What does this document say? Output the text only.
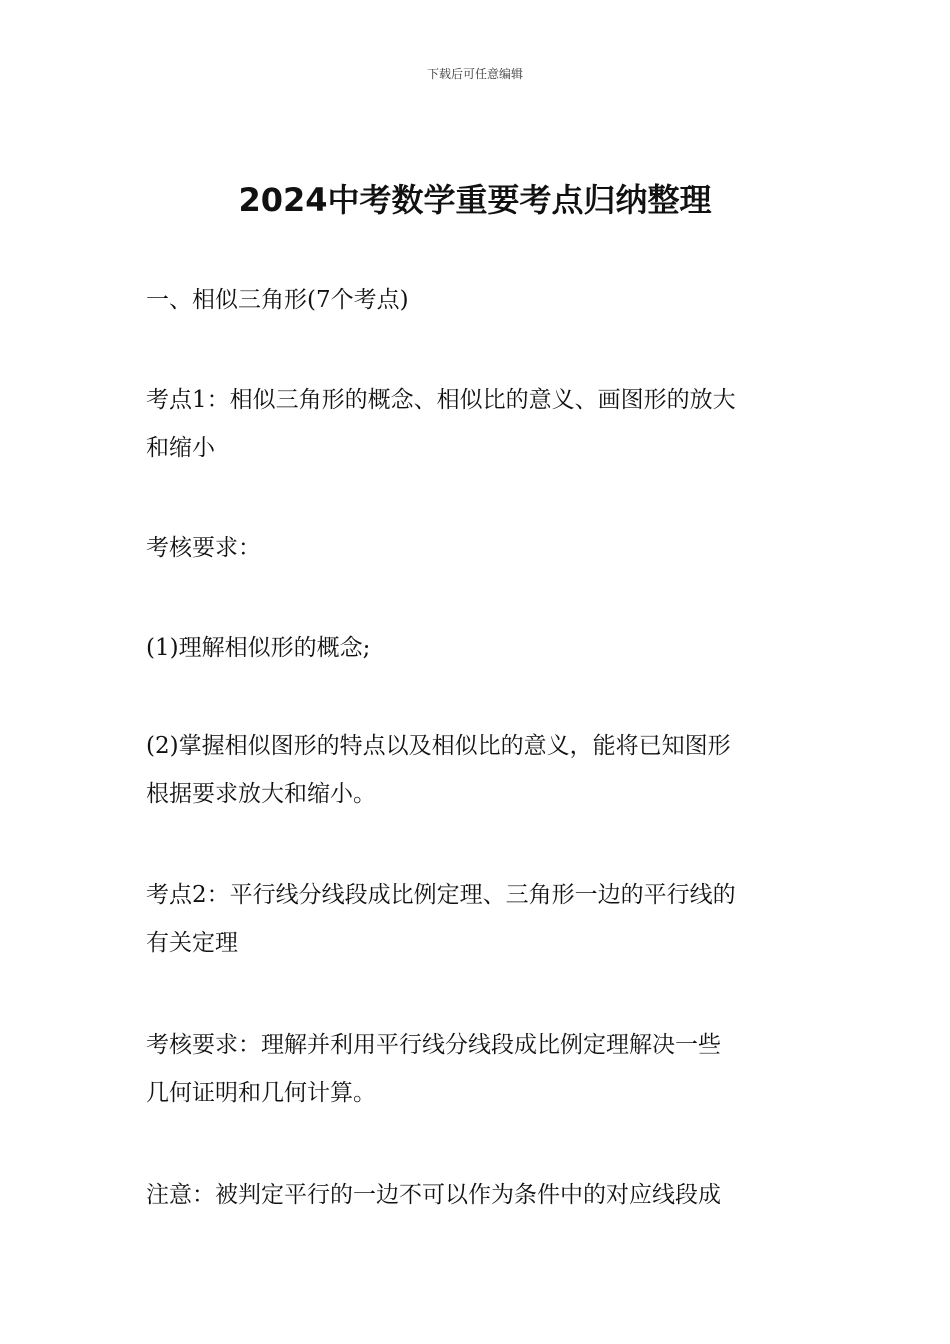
下载后可任意编辑
2024中考数学重要考点归纳整理

一、相似三角形(7个考点)

考点1：相似三角形的概念、相似比的意义、画图形的放大
和缩小

考核要求：

(1)理解相似形的概念;

(2)掌握相似图形的特点以及相似比的意义，能将已知图形
根据要求放大和缩小。

考点2：平行线分线段成比例定理、三角形一边的平行线的
有关定理

考核要求：理解并利用平行线分线段成比例定理解决一些
几何证明和几何计算。

注意：被判定平行的一边不可以作为条件中的对应线段成
